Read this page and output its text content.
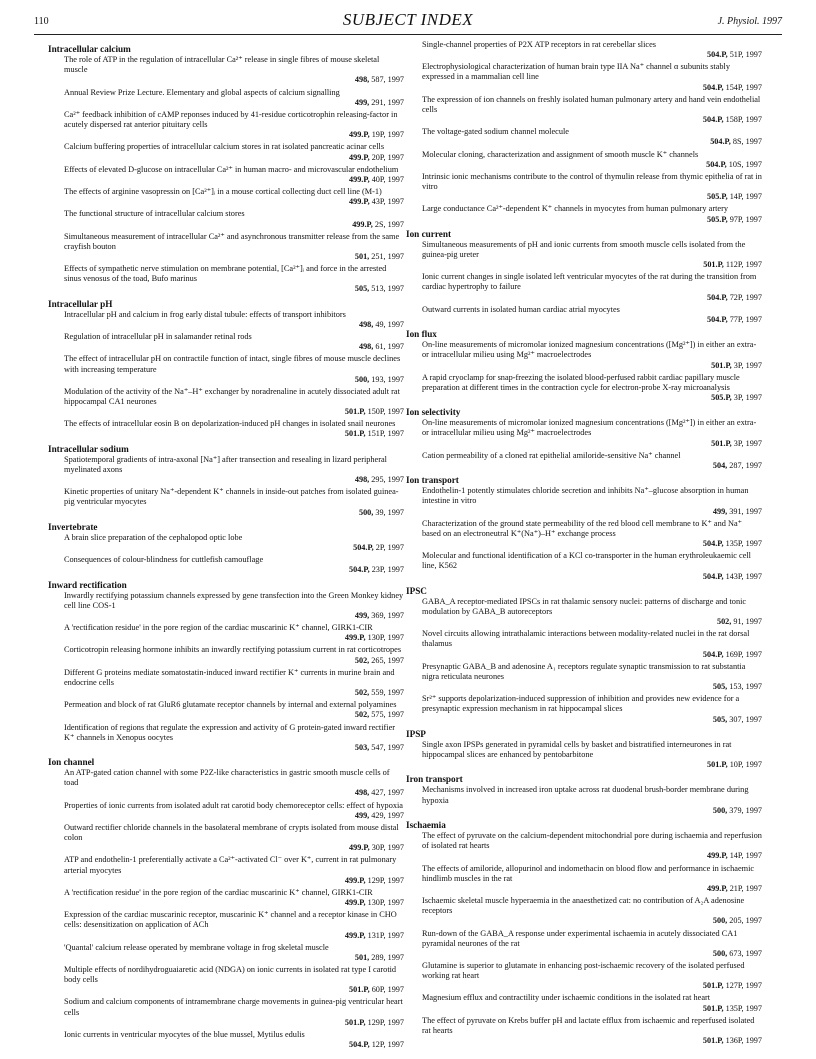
110	SUBJECT INDEX	J. Physiol. 1997
Intracellular calcium
The role of ATP in the regulation of intracellular Ca²⁺ release in single fibres of mouse skeletal muscle
498, 587, 1997
Annual Review Prize Lecture. Elementary and global aspects of calcium signalling
499, 291, 1997
Ca²⁺ feedback inhibition of cAMP reponses induced by 41-residue corticotrophin releasing-factor in acutely dispersed rat anterior pituitary cells
499.P, 19P, 1997
Calcium buffering properties of intracellular calcium stores in rat isolated pancreatic acinar cells
499.P, 20P, 1997
Effects of elevated D-glucose on intracellular Ca²⁺ in human macro- and microvascular endothelium
499.P, 40P, 1997
The effects of arginine vasopressin on [Ca²⁺]ᵢ in a mouse cortical collecting duct cell line (M-1)
499.P, 43P, 1997
The functional structure of intracellular calcium stores
499.P, 2S, 1997
Simultaneous measurement of intracellular Ca²⁺ and asynchronous transmitter release from the same crayfish bouton
501, 251, 1997
Effects of sympathetic nerve stimulation on membrane potential, [Ca²⁺]ᵢ and force in the arrested sinus venosus of the toad, Bufo marinus
505, 513, 1997
Intracellular pH
Intracellular pH and calcium in frog early distal tubule: effects of transport inhibitors
498, 49, 1997
Regulation of intracellular pH in salamander retinal rods
498, 61, 1997
The effect of intracellular pH on contractile function of intact, single fibres of mouse muscle declines with increasing temperature
500, 193, 1997
Modulation of the activity of the Na⁺–H⁺ exchanger by noradrenaline in acutely dissociated adult rat hippocampal CA1 neurones
501.P, 150P, 1997
The effects of intracellular eosin B on depolarization-induced pH changes in isolated snail neurones
501.P, 151P, 1997
Intracellular sodium
Spatiotemporal gradients of intra-axonal [Na⁺] after transection and resealing in lizard peripheral myelinated axons
498, 295, 1997
Kinetic properties of unitary Na⁺-dependent K⁺ channels in inside-out patches from isolated guinea-pig ventricular myocytes
500, 39, 1997
Invertebrate
A brain slice preparation of the cephalopod optic lobe
504.P, 2P, 1997
Consequences of colour-blindness for cuttlefish camouflage
504.P, 23P, 1997
Inward rectification
Inwardly rectifying potassium channels expressed by gene transfection into the Green Monkey kidney cell line COS-1
499, 369, 1997
A 'rectification residue' in the pore region of the cardiac muscarinic K⁺ channel, GIRK1-CIR
499.P, 130P, 1997
Corticotropin releasing hormone inhibits an inwardly rectifying potassium current in rat corticotropes
502, 265, 1997
Different G proteins mediate somatostatin-induced inward rectifier K⁺ currents in murine brain and endocrine cells
502, 559, 1997
Permeation and block of rat GluR6 glutamate receptor channels by internal and external polyamines
502, 575, 1997
Identification of regions that regulate the expression and activity of G protein-gated inward rectifier K⁺ channels in Xenopus oocytes
503, 547, 1997
Ion channel
An ATP-gated cation channel with some P2Z-like characteristics in gastric smooth muscle cells of toad
498, 427, 1997
Properties of ionic currents from isolated adult rat carotid body chemoreceptor cells: effect of hypoxia
499, 429, 1997
Outward rectifier chloride channels in the basolateral membrane of crypts isolated from mouse distal colon
499.P, 30P, 1997
ATP and endothelin-1 preferentially activate a Ca²⁺-activated Cl⁻ over K⁺, current in rat pulmonary arterial myocytes
499.P, 129P, 1997
A 'rectification residue' in the pore region of the cardiac muscarinic K⁺ channel, GIRK1-CIR
499.P, 130P, 1997
Expression of the cardiac muscarinic receptor, muscarinic K⁺ channel and a receptor kinase in CHO cells: desensitization on application of ACh
499.P, 131P, 1997
'Quantal' calcium release operated by membrane voltage in frog skeletal muscle
501, 289, 1997
Multiple effects of nordihydroguaiaretic acid (NDGA) on ionic currents in isolated rat type I carotid body cells
501.P, 60P, 1997
Sodium and calcium components of intramembrane charge movements in guinea-pig ventricular heart cells
501.P, 129P, 1997
Ionic currents in ventricular myocytes of the blue mussel, Mytilus edulis
504.P, 12P, 1997
Single-channel properties of P2X ATP receptors in rat cerebellar slices
504.P, 51P, 1997
Electrophysiological characterization of human brain type IIA Na⁺ channel α subunits stably expressed in a mammalian cell line
504.P, 154P, 1997
The expression of ion channels on freshly isolated human pulmonary artery and hand vein endothelial cells
504.P, 158P, 1997
The voltage-gated sodium channel molecule
504.P, 8S, 1997
Molecular cloning, characterization and assignment of smooth muscle K⁺ channels
504.P, 10S, 1997
Intrinsic ionic mechanisms contribute to the control of thymulin release from thymic epithelia of rat in vitro
505.P, 14P, 1997
Large conductance Ca²⁺-dependent K⁺ channels in myocytes from human pulmonary artery
505.P, 97P, 1997
Ion current
Simultaneous measurements of pH and ionic currents from smooth muscle cells isolated from the guinea-pig ureter
501.P, 112P, 1997
Ionic current changes in single isolated left ventricular myocytes of the rat during the transition from cardiac hypertrophy to failure
504.P, 72P, 1997
Outward currents in isolated human cardiac atrial myocytes
504.P, 77P, 1997
Ion flux
On-line measurements of micromolar ionized magnesium concentrations ([Mg²⁺]) in either an extra- or intracellular milieu using Mg²⁺ macroelectrodes
501.P, 3P, 1997
A rapid cryoclamp for snap-freezing the isolated blood-perfused rabbit cardiac papillary muscle preparation at different times in the contraction cycle for electron-probe X-ray microanalysis
505.P, 3P, 1997
Ion selectivity
On-line measurements of micromolar ionized magnesium concentrations ([Mg²⁺]) in either an extra- or intracellular milieu using Mg²⁺ macroelectrodes
501.P, 3P, 1997
Cation permeability of a cloned rat epithelial amiloride-sensitive Na⁺ channel
504, 287, 1997
Ion transport
Endothelin-1 potently stimulates chloride secretion and inhibits Na⁺–glucose absorption in human intestine in vitro
499, 391, 1997
Characterization of the ground state permeability of the red blood cell membrane to K⁺ and Na⁺ based on an electroneutral K⁺(Na⁺)–H⁺ exchange process
504.P, 135P, 1997
Molecular and functional identification of a KCl co-transporter in the human erythroleukaemic cell line, K562
504.P, 143P, 1997
IPSC
GABA_A receptor-mediated IPSCs in rat thalamic sensory nuclei: patterns of discharge and tonic modulation by GABA_B autoreceptors
502, 91, 1997
Novel circuits allowing intrathalamic interactions between modality-related nuclei in the rat dorsal thalamus
504.P, 169P, 1997
Presynaptic GABA_B and adenosine A₁ receptors regulate synaptic transmission to rat substantia nigra reticulata neurones
505, 153, 1997
Sr²⁺ supports depolarization-induced suppression of inhibition and provides new evidence for a presynaptic expression mechanism in rat hippocampal slices
505, 307, 1997
IPSP
Single axon IPSPs generated in pyramidal cells by basket and bistratified interneurones in rat hippocampal slices are enhanced by pentobarbitone
501.P, 10P, 1997
Iron transport
Mechanisms involved in increased iron uptake across rat duodenal brush-border membrane during hypoxia
500, 379, 1997
Ischaemia
The effect of pyruvate on the calcium-dependent mitochondrial pore during ischaemia and reperfusion of isolated rat hearts
499.P, 14P, 1997
The effects of amiloride, allopurinol and indomethacin on blood flow and performance in ischaemic hindlimb muscles in the rat
499.P, 21P, 1997
Ischaemic skeletal muscle hyperaemia in the anaesthetized cat: no contribution of A₂A adenosine receptors
500, 205, 1997
Run-down of the GABA_A response under experimental ischaemia in acutely dissociated CA1 pyramidal neurones of the rat
500, 673, 1997
Glutamine is superior to glutamate in enhancing post-ischaemic recovery of the isolated perfused working rat heart
501.P, 127P, 1997
Magnesium efflux and contractility under ischaemic conditions in the isolated rat heart
501.P, 135P, 1997
The effect of pyruvate on Krebs buffer pH and lactate efflux from ischaemic and reperfused isolated rat hearts
501.P, 136P, 1997
